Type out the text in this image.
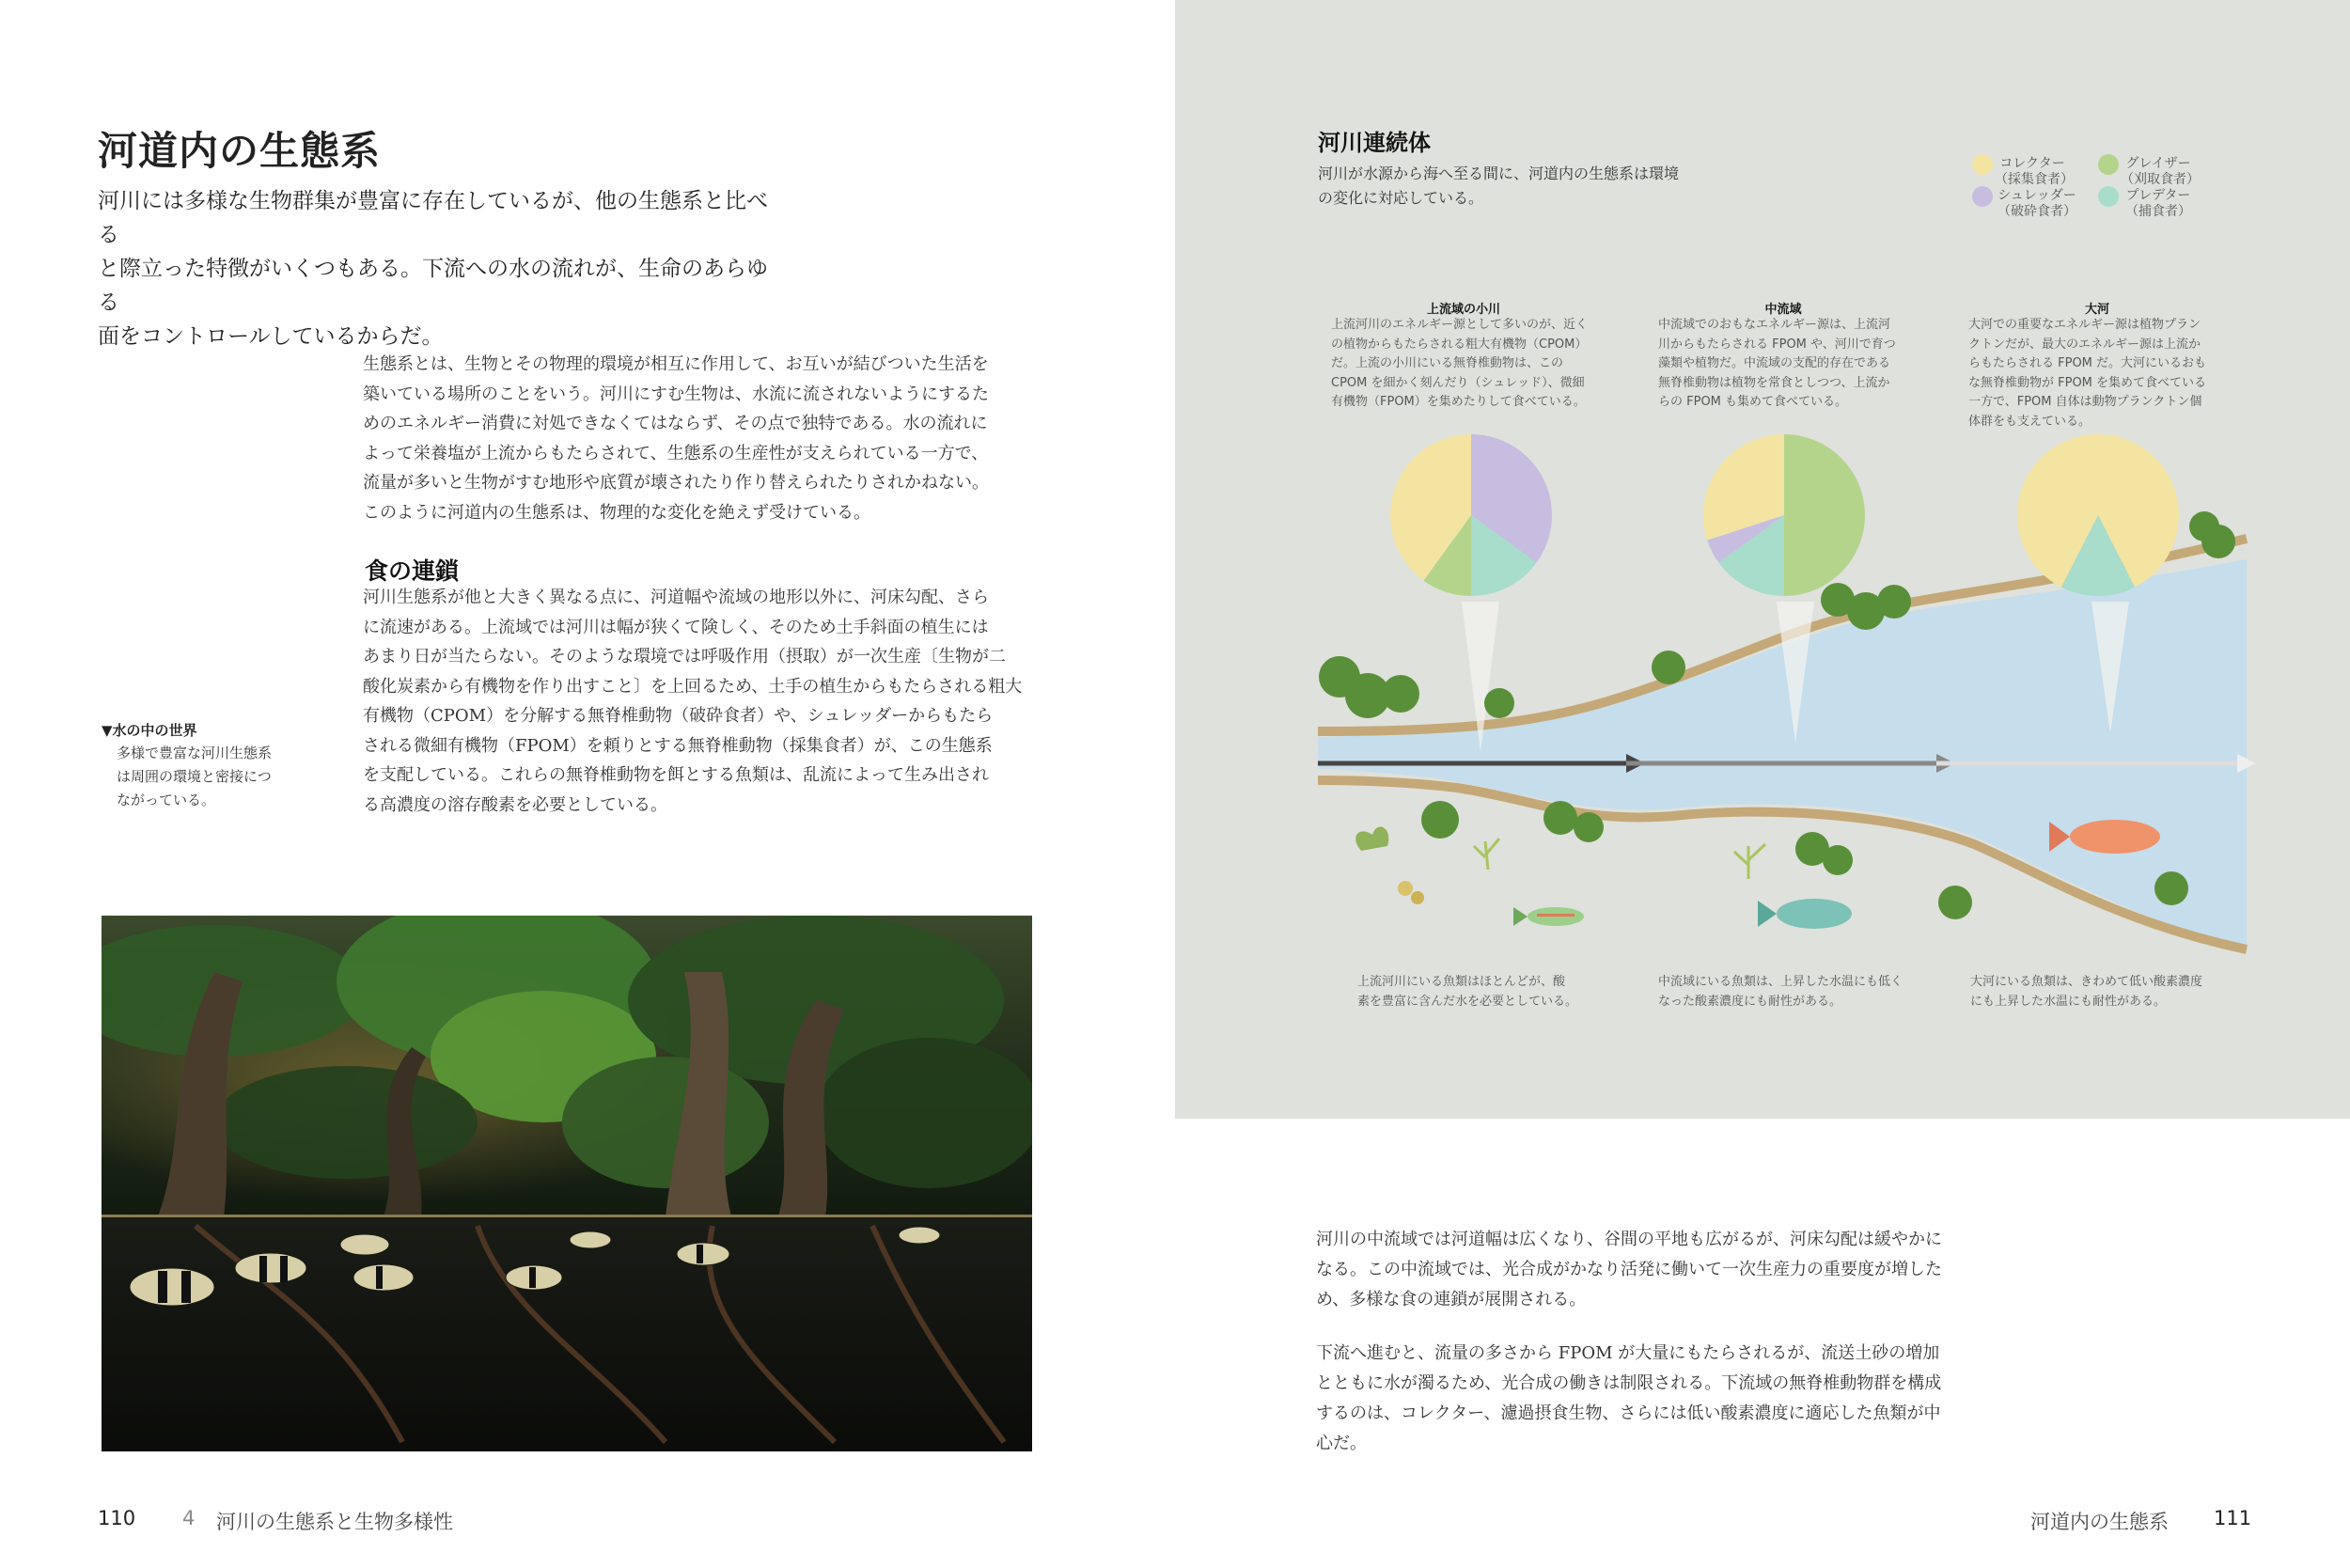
河道内の生態系

河川には多様な生物群集が豊富に存在しているが、他の生態系と比べる

と際立った特徴がいくつもある。下流への水の流れが、生命のあらゆる

面をコントロールしているからだ。

生態系とは、生物とその物理的環境が相互に作用して、お互いが結びついた生活を

築いている場所のことをいう。河川にすむ生物は、水流に流されないようにするた

めのエネルギー消費に対処できなくてはならず、その点で独特である。水の流れに

よって栄養塩が上流からもたらされて、生態系の生産性が支えられている一方で、

流量が多いと生物がすむ地形や底質が壊されたり作り替えられたりされかねない。

このように河道内の生態系は、物理的な変化を絶えず受けている。

食の連鎖

河川生態系が他と大きく異なる点に、河道幅や流域の地形以外に、河床勾配、さら

に流速がある。上流域では河川は幅が狭くて険しく、そのため土手斜面の植生には

あまり日が当たらない。そのような環境では呼吸作用（摂取）が一次生産〔生物が二

酸化炭素から有機物を作り出すこと〕を上回るため、土手の植生からもたらされる粗大

有機物（CPOM）を分解する無脊椎動物（破砕食者）や、シュレッダーからもたら

される微細有機物（FPOM）を頼りとする無脊椎動物（採集食者）が、この生態系

を支配している。これらの無脊椎動物を餌とする魚類は、乱流によって生み出され

る高濃度の溶存酸素を必要としている。

▼水の中の世界

多様で豊富な河川生態系

は周囲の環境と密接につ

ながっている。

110 4 河川の生態系と生物多様性
河川連続体

河川が水源から海へ至る間に、河道内の生態系は環境

の変化に対応している。

コレクター
（採集食者）
グレイザー
（刈取食者）
シュレッダー
（破砕食者）
プレデター
（捕食者）
上流域の小川

上流河川のエネルギー源として多いのが、近く

の植物からもたらされる粗大有機物（CPOM）

だ。上流の小川にいる無脊椎動物は、この

CPOM を細かく刻んだり（シュレッド）、微細

有機物（FPOM）を集めたりして食べている。

中流域

中流域でのおもなエネルギー源は、上流河

川からもたらされる FPOM や、河川で育つ

藻類や植物だ。中流域の支配的存在である

無脊椎動物は植物を常食としつつ、上流か

らの FPOM も集めて食べている。

大河

大河での重要なエネルギー源は植物プラン

クトンだが、最大のエネルギー源は上流か

らもたらされる FPOM だ。大河にいるおも

な無脊椎動物が FPOM を集めて食べている

一方で、FPOM 自体は動物プランクトン個

体群をも支えている。

上流河川にいる魚類はほとんどが、酸

素を豊富に含んだ水を必要としている。

中流域にいる魚類は、上昇した水温にも低く

なった酸素濃度にも耐性がある。

大河にいる魚類は、きわめて低い酸素濃度

にも上昇した水温にも耐性がある。

河川の中流域では河道幅は広くなり、谷間の平地も広がるが、河床勾配は緩やかに

なる。この中流域では、光合成がかなり活発に働いて一次生産力の重要度が増した

め、多様な食の連鎖が展開される。

下流へ進むと、流量の多さから FPOM が大量にもたらされるが、流送土砂の増加

とともに水が濁るため、光合成の働きは制限される。下流域の無脊椎動物群を構成

するのは、コレクター、濾過摂食生物、さらには低い酸素濃度に適応した魚類が中

心だ。

河道内の生態系 111
